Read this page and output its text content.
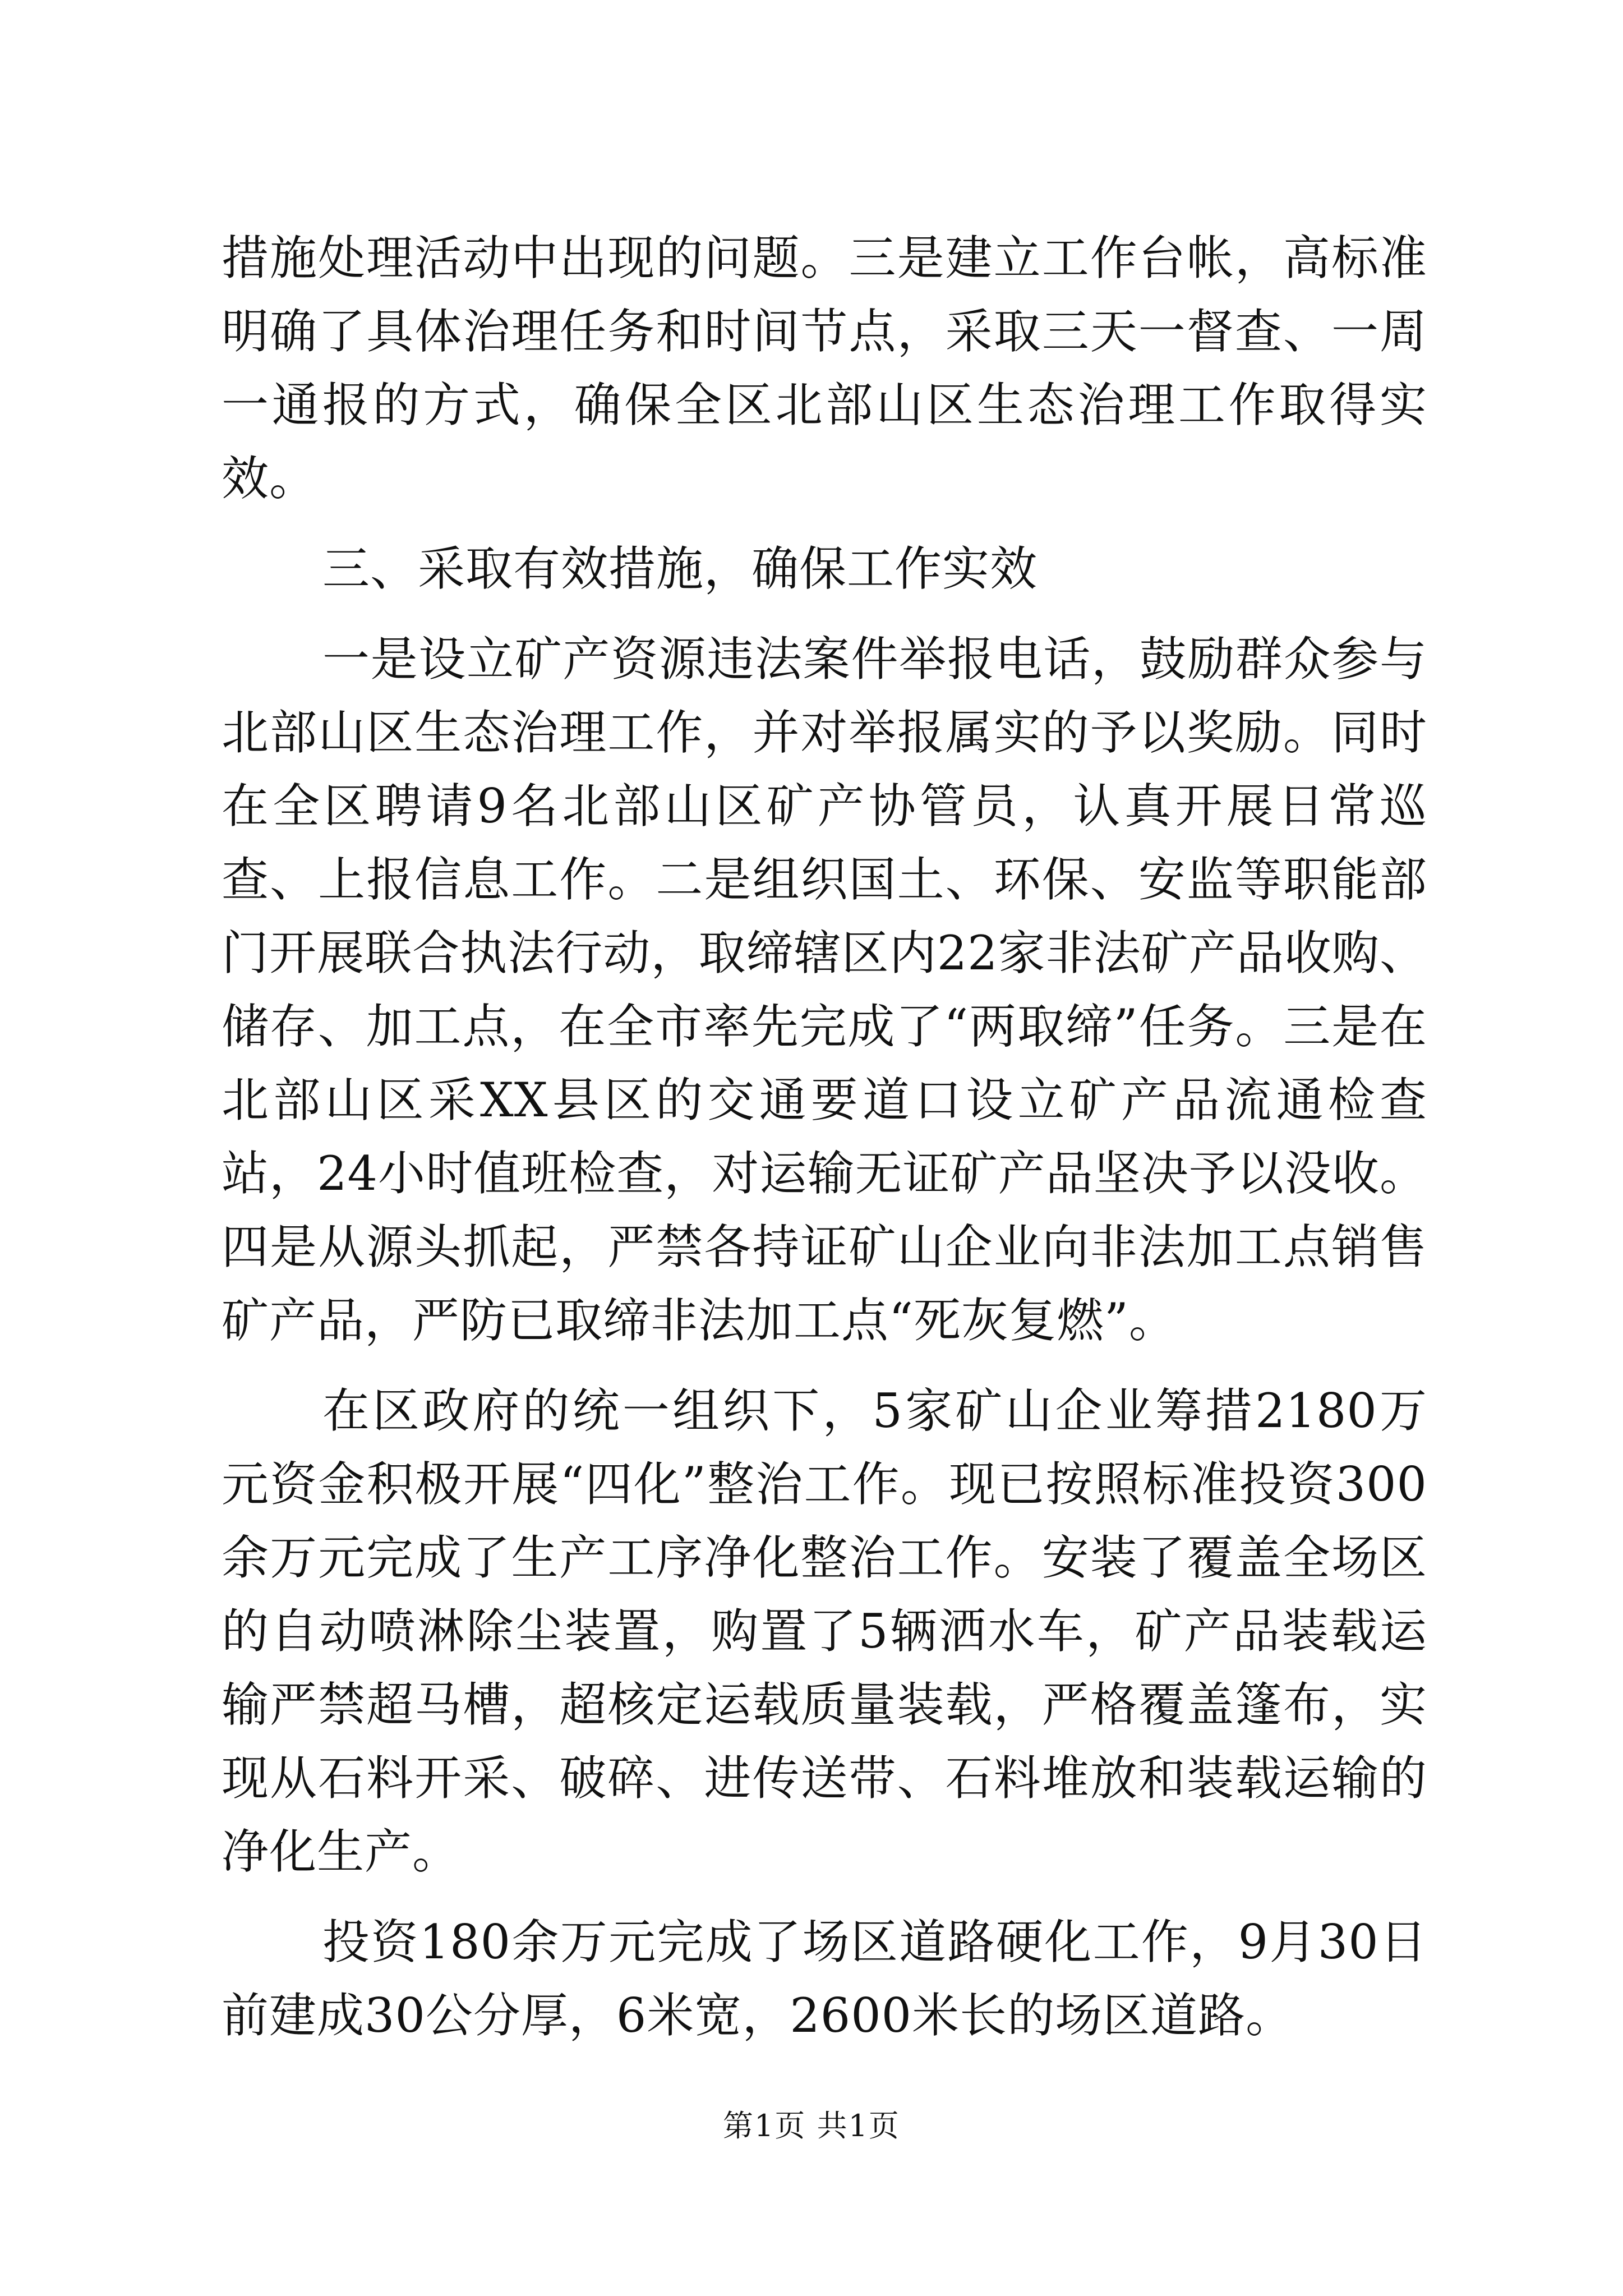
措施处理活动中出现的问题。三是建立工作台帐，高标准明确了具体治理任务和时间节点，采取三天一督查、一周一通报的方式，确保全区北部山区生态治理工作取得实效。

三、采取有效措施，确保工作实效

一是设立矿产资源违法案件举报电话，鼓励群众参与北部山区生态治理工作，并对举报属实的予以奖励。同时在全区聘请9名北部山区矿产协管员，认真开展日常巡查、上报信息工作。二是组织国土、环保、安监等职能部门开展联合执法行动，取缔辖区内22家非法矿产品收购、储存、加工点，在全市率先完成了“两取缔”任务。三是在北部山区采XX县区的交通要道口设立矿产品流通检查站，24小时值班检查，对运输无证矿产品坚决予以没收。四是从源头抓起，严禁各持证矿山企业向非法加工点销售矿产品，严防已取缔非法加工点“死灰复燃”。

在区政府的统一组织下，5家矿山企业筹措2180万元资金积极开展“四化”整治工作。现已按照标准投资300余万元完成了生产工序净化整治工作。安装了覆盖全场区的自动喷淋除尘装置，购置了5辆洒水车，矿产品装载运输严禁超马槽，超核定运载质量装载，严格覆盖篷布，实现从石料开采、破碎、进传送带、石料堆放和装载运输的净化生产。

投资180余万元完成了场区道路硬化工作，9月30日前建成30公分厚，6米宽，2600米长的场区道路。

第1页 共1页
